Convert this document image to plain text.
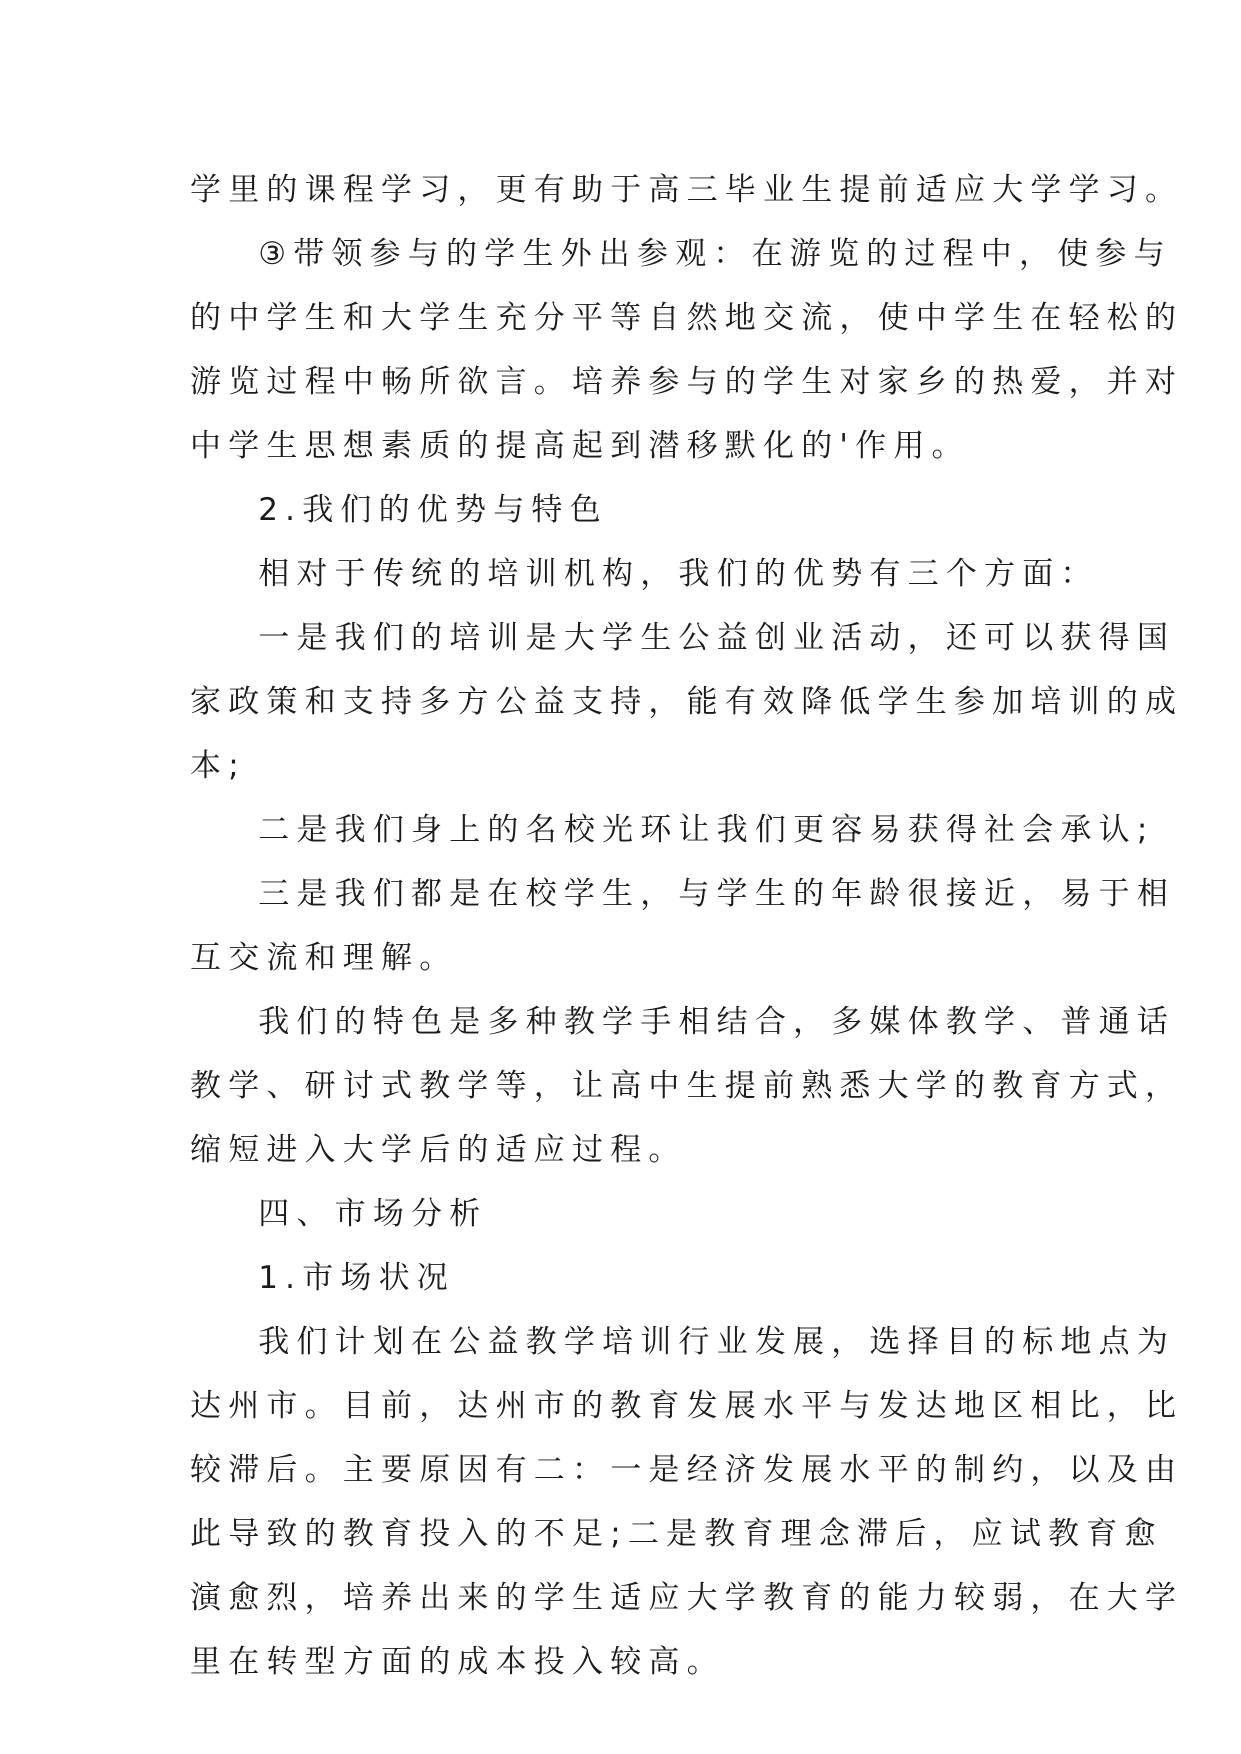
学里的课程学习，更有助于高三毕业生提前适应大学学习。
③带领参与的学生外出参观：在游览的过程中，使参与
的中学生和大学生充分平等自然地交流，使中学生在轻松的
游览过程中畅所欲言。培养参与的学生对家乡的热爱，并对
中学生思想素质的提高起到潜移默化的'作用。
2.我们的优势与特色
相对于传统的培训机构，我们的优势有三个方面：
一是我们的培训是大学生公益创业活动，还可以获得国
家政策和支持多方公益支持，能有效降低学生参加培训的成
本;
二是我们身上的名校光环让我们更容易获得社会承认;
三是我们都是在校学生，与学生的年龄很接近，易于相
互交流和理解。
我们的特色是多种教学手相结合，多媒体教学、普通话
教学、研讨式教学等，让高中生提前熟悉大学的教育方式，
缩短进入大学后的适应过程。
四、市场分析
1.市场状况
我们计划在公益教学培训行业发展，选择目的标地点为
达州市。目前，达州市的教育发展水平与发达地区相比，比
较滞后。主要原因有二：一是经济发展水平的制约，以及由
此导致的教育投入的不足;二是教育理念滞后，应试教育愈
演愈烈，培养出来的学生适应大学教育的能力较弱，在大学
里在转型方面的成本投入较高。
